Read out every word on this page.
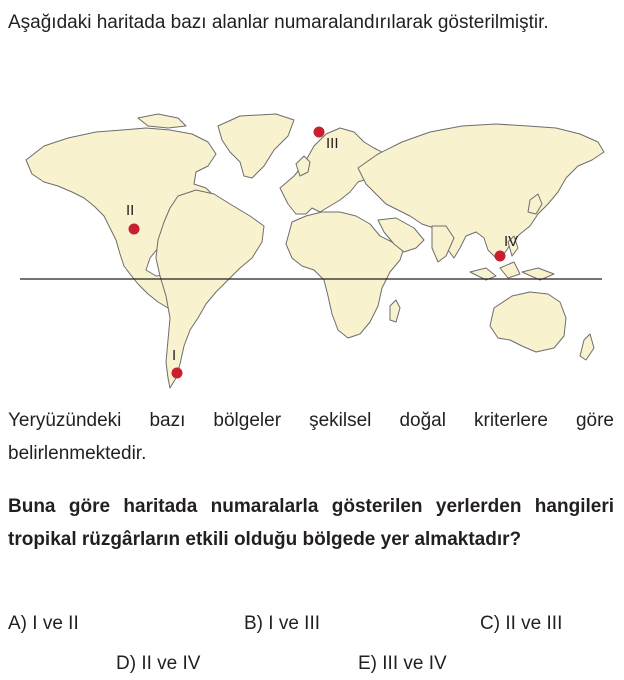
Aşağıdaki haritada bazı alanlar numaralandırılarak gösterilmiştir.

I
II
III
IV

Yeryüzündeki bazı bölgeler şekilsel doğal kriterlere göre belirlenmektedir.

Buna göre haritada numaralarla gösterilen yerlerden hangileri tropikal rüzgârların etkili olduğu bölgede yer almaktadır?

A) I ve II	B) I ve III	C) II ve III
D) II ve IV	E) III ve IV
